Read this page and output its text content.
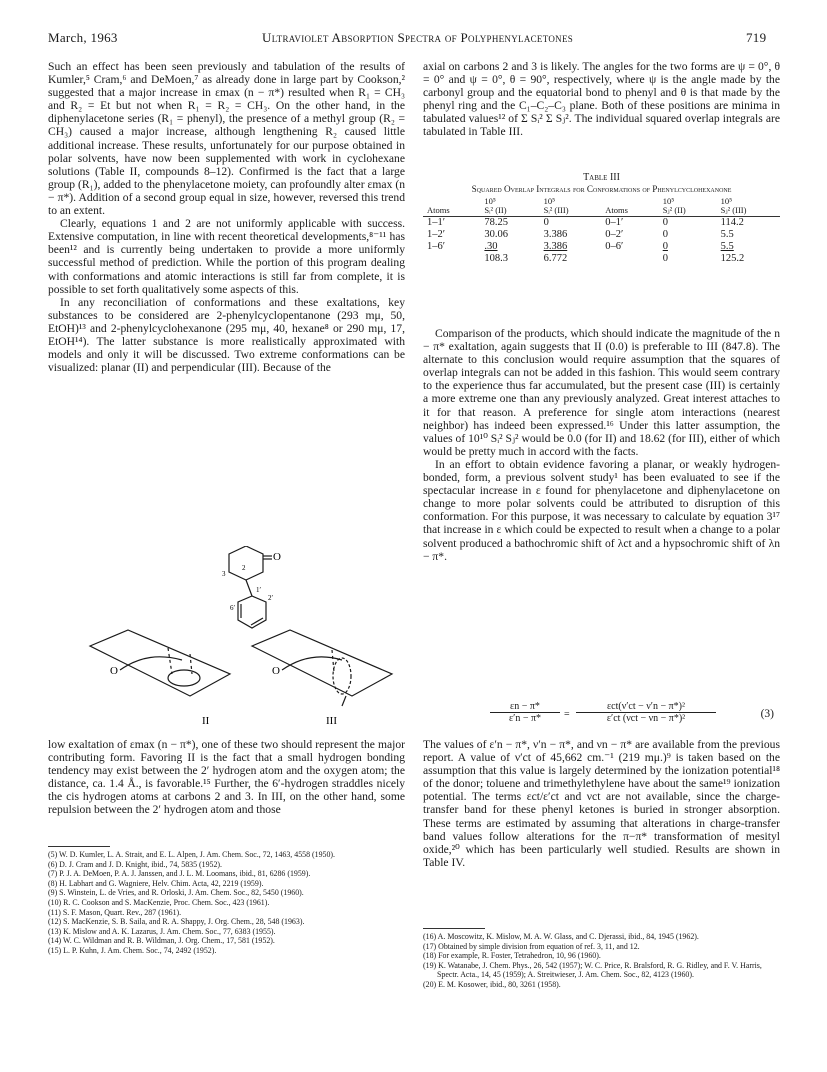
March, 1963	Ultraviolet Absorption Spectra of Polyphenylacetones	719

Such an effect has been seen previously and tabulation of the results of Kumler,⁵ Cram,⁶ and DeMoen,⁷ as already done in large part by Cookson,² suggested that a major increase in εmax (n − π*) resulted when R₁ = CH₃ and R₂ = Et but not when R₁ = R₂ = CH₃. On the other hand, in the diphenylacetone series (R₁ = phenyl), the presence of a methyl group (R₂ = CH₃) caused a major increase, although lengthening R₂ caused little additional increase. These results, unfortunately for our purpose obtained in polar solvents, have now been supplemented with work in cyclohexane solutions (Table II, compounds 8–12). Confirmed is the fact that a large group (R₁), added to the phenylacetone moiety, can profoundly alter εmax (n − π*). Addition of a second group equal in size, however, reversed this trend to an extent.

Clearly, equations 1 and 2 are not uniformly applicable with success. Extensive computation, in line with recent theoretical developments,⁸⁻¹¹ has been¹² and is currently being undertaken to provide a more uniformly successful method of prediction. While the portion of this program dealing with conformations and atomic interactions is still far from complete, it is possible to set forth qualitatively some aspects of this.

In any reconciliation of conformations and these exaltations, key substances to be considered are 2-phenylcyclopentanone (293 mμ, 50, EtOH)¹³ and 2-phenylcyclohexanone (295 mμ, 40, hexane⁸ or 290 mμ, 17, EtOH¹⁴). The latter substance is more realistically approximated with models and only it will be discussed. Two extreme conformations can be visualized: planar (II) and perpendicular (III). Because of the

O
3
2
1′
2′
6′
O	O
II	III

low exaltation of εmax (n − π*), one of these two should represent the major contributing form. Favoring II is the fact that a small hydrogen bonding tendency may exist between the 2′ hydrogen atom and the oxygen atom; the distance, ca. 1.4 Å., is favorable.¹⁵ Further, the 6′-hydrogen straddles nicely the cis hydrogen atoms at carbons 2 and 3. In III, on the other hand, some repulsion between the 2′ hydrogen atom and those

(5) W. D. Kumler, L. A. Strait, and E. L. Alpen, J. Am. Chem. Soc., 72, 1463, 4558 (1950).
(6) D. J. Cram and J. D. Knight, ibid., 74, 5835 (1952).
(7) P. J. A. DeMoen, P. A. J. Janssen, and J. L. M. Loomans, ibid., 81, 6286 (1959).
(8) H. Labhart and G. Wagniere, Helv. Chim. Acta, 42, 2219 (1959).
(9) S. Winstein, L. de Vries, and R. Orloski, J. Am. Chem. Soc., 82, 5450 (1960).
(10) R. C. Cookson and S. MacKenzie, Proc. Chem. Soc., 423 (1961).
(11) S. F. Mason, Quart. Rev., 287 (1961).
(12) S. MacKenzie, S. B. Saila, and R. A. Shappy, J. Org. Chem., 28, 548 (1963).
(13) K. Mislow and A. K. Lazarus, J. Am. Chem. Soc., 77, 6383 (1955).
(14) W. C. Wildman and R. B. Wildman, J. Org. Chem., 17, 581 (1952).
(15) L. P. Kuhn, J. Am. Chem. Soc., 74, 2492 (1952).

axial on carbons 2 and 3 is likely. The angles for the two forms are ψ = 0°, θ = 0° and ψ = 0°, θ = 90°, respectively, where ψ is the angle made by the carbonyl group and the equatorial bond to phenyl and θ is that made by the phenyl ring and the C₁–C₂–C₃ plane. Both of these positions are minima in tabulated values¹² of Σ Sᵢ² Σ Sⱼ². The individual squared overlap integrals are tabulated in Table III.

Table III
Squared Overlap Integrals for Conformations of Phenylcyclohexanone
	10⁵	10⁵		10⁵	10⁵
Atoms	Sᵢ² (II)	Sᵢ² (III)	Atoms	Sⱼ² (II)	Sⱼ² (III)
1–1′	78.25	0	0–1′	0	114.2
1–2′	30.06	3.386	0–2′	0	5.5
1–6′	.30	3.386	0–6′	0	5.5
	108.3	6.772		0	125.2

Comparison of the products, which should indicate the magnitude of the n − π* exaltation, again suggests that II (0.0) is preferable to III (847.8). The alternate to this conclusion would require assumption that the squares of overlap integrals can not be added in this fashion. This would seem contrary to the experience thus far accumulated, but the present case (III) is certainly a more extreme one than any previously analyzed. Great interest attaches to it for that reason. A preference for single atom interactions (nearest neighbor) has indeed been expressed.¹⁶ Under this latter assumption, the values of 10¹⁰ Sᵢ² Sⱼ² would be 0.0 (for II) and 18.62 (for III), either of which would be pretty much in accord with the facts.

In an effort to obtain evidence favoring a planar, or weakly hydrogen-bonded, form, a previous solvent study¹ has been evaluated to see if the spectacular increase in ε found for phenylacetone and diphenylacetone on change to more polar solvents could be attributed to disruption of this conformation. For this purpose, it was necessary to calculate by equation 3¹⁷ that increase in ε which could be expected to result when a change to a polar solvent produced a bathochromic shift of λct and a hypsochromic shift of λn − π*.

εn − π*
ε′n − π*	=
εct(ν′ct − ν′n − π*)²
ε′ct (νct − νn − π*)²	(3)

The values of ε′n − π*, ν′n − π*, and νn − π* are available from the previous report. A value of ν′ct of 45,662 cm.⁻¹ (219 mμ.)⁹ is taken based on the assumption that this value is largely determined by the ionization potential¹⁸ of the donor; toluene and trimethylethylene have about the same¹⁹ ionization potential. The terms εct/ε′ct and νct are not available, since the charge-transfer band for these phenyl ketones is buried in stronger absorption. These terms are estimated by assuming that alterations in charge-transfer band values follow alterations for the π−π* transformation of mesityl oxide,²⁰ which has been particularly well studied. Results are shown in Table IV.

(16) A. Moscowitz, K. Mislow, M. A. W. Glass, and C. Djerassi, ibid., 84, 1945 (1962).
(17) Obtained by simple division from equation of ref. 3, 11, and 12.
(18) For example, R. Foster, Tetrahedron, 10, 96 (1960).
(19) K. Watanabe, J. Chem. Phys., 26, 542 (1957); W. C. Price, R. Bralsford, R. G. Ridley, and F. V. Harris, Spectr. Acta., 14, 45 (1959); A. Streitwieser, J. Am. Chem. Soc., 82, 4123 (1960).
(20) E. M. Kosower, ibid., 80, 3261 (1958).
